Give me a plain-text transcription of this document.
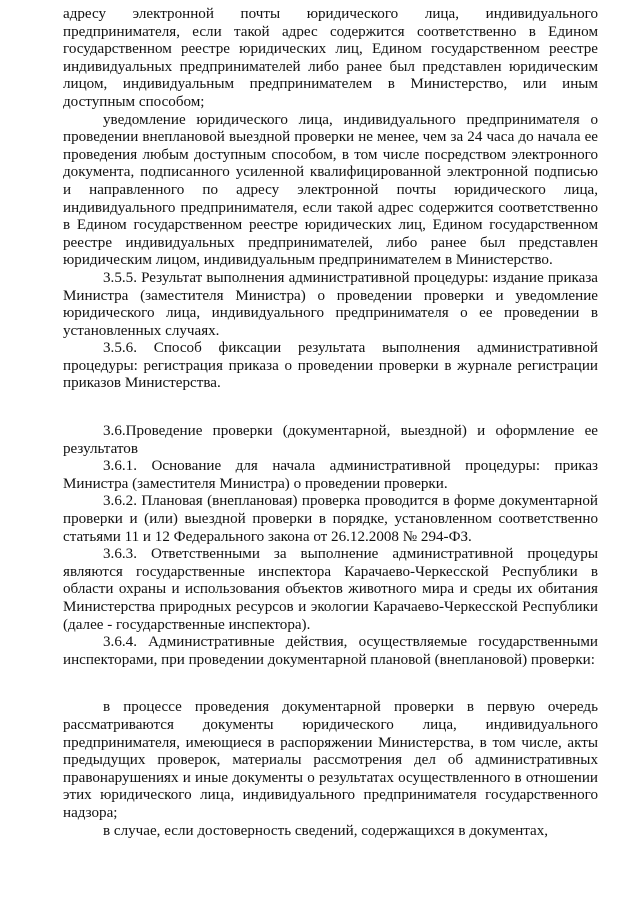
адресу электронной почты юридического лица, индивидуального предпринимателя, если такой адрес содержится соответственно в Едином государственном реестре юридических лиц, Едином государственном реестре индивидуальных предпринимателей либо ранее был представлен юридическим лицом, индивидуальным предпринимателем в Министерство, или иным доступным способом;

уведомление юридического лица, индивидуального предпринимателя о проведении внеплановой выездной проверки не менее, чем за 24 часа до начала ее проведения любым доступным способом, в том числе посредством электронного документа, подписанного усиленной квалифицированной электронной подписью и направленного по адресу электронной почты юридического лица, индивидуального предпринимателя, если такой адрес содержится соответственно в Едином государственном реестре юридических лиц, Едином государственном реестре индивидуальных предпринимателей, либо ранее был представлен юридическим лицом, индивидуальным предпринимателем в Министерство.

3.5.5. Результат выполнения административной процедуры: издание приказа Министра (заместителя Министра) о проведении проверки и уведомление юридического лица, индивидуального предпринимателя о ее проведении в установленных случаях.

3.5.6. Способ фиксации результата выполнения административной процедуры: регистрация приказа о проведении проверки в журнале регистрации приказов Министерства.

3.6.Проведение проверки (документарной, выездной) и оформление ее результатов

3.6.1. Основание для начала административной процедуры: приказ Министра (заместителя Министра) о проведении проверки.

3.6.2. Плановая (внеплановая) проверка проводится в форме документарной проверки и (или) выездной проверки в порядке, установленном соответственно статьями 11 и 12 Федерального закона от 26.12.2008 № 294-ФЗ.

3.6.3. Ответственными за выполнение административной процедуры являются государственные инспектора Карачаево-Черкесской Республики в области охраны и использования объектов животного мира и среды их обитания Министерства природных ресурсов и экологии Карачаево-Черкесской Республики (далее - государственные инспектора).

3.6.4. Административные действия, осуществляемые государственными инспекторами, при проведении документарной плановой (внеплановой) проверки:

в процессе проведения документарной проверки в первую очередь рассматриваются документы юридического лица, индивидуального предпринимателя, имеющиеся в распоряжении Министерства, в том числе, акты предыдущих проверок, материалы рассмотрения дел об административных правонарушениях и иные документы о результатах осуществленного в отношении этих юридического лица, индивидуального предпринимателя государственного надзора;

в случае, если достоверность сведений, содержащихся в документах,
